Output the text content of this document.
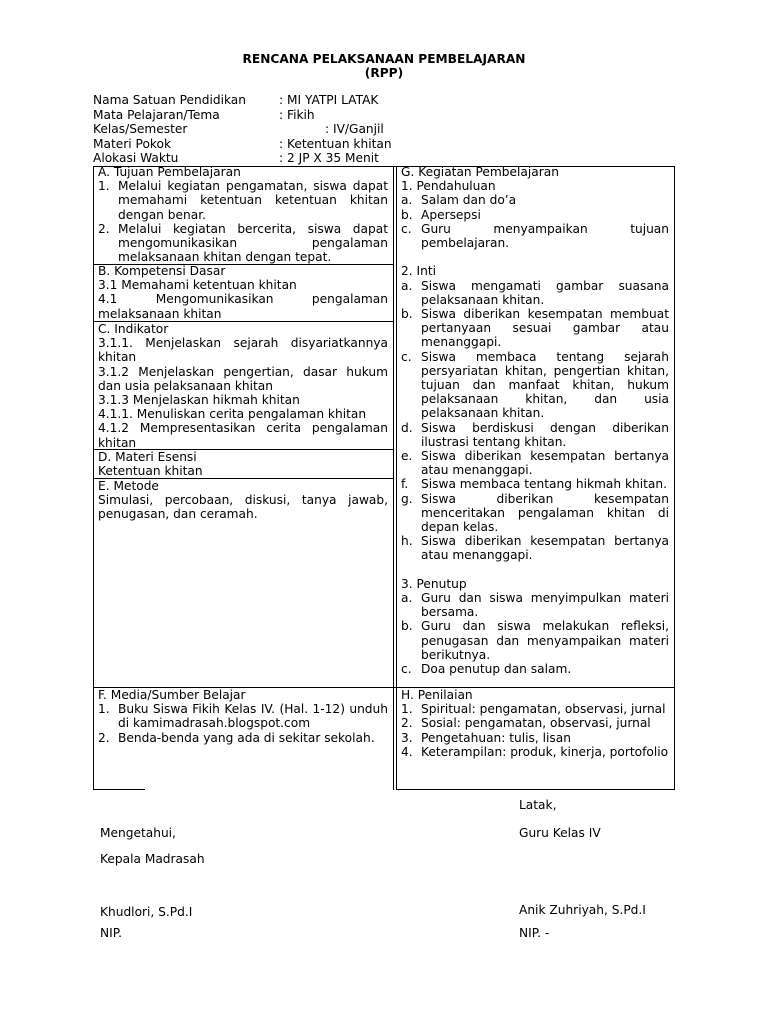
RENCANA PELAKSANAAN PEMBELAJARAN
(RPP)
Nama Satuan Pendidikan	: MI YATPI LATAK
Mata Pelajaran/Tema	: Fikih
Kelas/Semester	: IV/Ganjil
Materi Pokok	: Ketentuan khitan
Alokasi Waktu	: 2 JP X 35 Menit
A. Tujuan Pembelajaran
1. Melalui kegiatan pengamatan, siswa dapat memahami ketentuan ketentuan khitan dengan benar.
2. Melalui kegiatan bercerita, siswa dapat mengomunikasikan pengalaman melaksanaan khitan dengan tepat.
B. Kompetensi Dasar
3.1 Memahami ketentuan khitan
4.1 Mengomunikasikan pengalaman melaksanaan khitan
C. Indikator
3.1.1. Menjelaskan sejarah disyariatkannya khitan
3.1.2 Menjelaskan pengertian, dasar hukum dan usia pelaksanaan khitan
3.1.3 Menjelaskan hikmah khitan
4.1.1. Menuliskan cerita pengalaman khitan
4.1.2 Mempresentasikan cerita pengalaman khitan
D. Materi Esensi
Ketentuan khitan
E. Metode
Simulasi, percobaan, diskusi, tanya jawab, penugasan, dan ceramah.
F. Media/Sumber Belajar
1. Buku Siswa Fikih Kelas IV. (Hal. 1-12) unduh di kamimadrasah.blogspot.com
2. Benda-benda yang ada di sekitar sekolah.
G. Kegiatan Pembelajaran
1. Pendahuluan
a. Salam dan do’a
b. Apersepsi
c. Guru menyampaikan tujuan pembelajaran.
2. Inti
a. Siswa mengamati gambar suasana pelaksanaan khitan.
b. Siswa diberikan kesempatan membuat pertanyaan sesuai gambar atau menanggapi.
c. Siswa membaca tentang sejarah persyariatan khitan, pengertian khitan, tujuan dan manfaat khitan, hukum pelaksanaan khitan, dan usia pelaksanaan khitan.
d. Siswa berdiskusi dengan diberikan ilustrasi tentang khitan.
e. Siswa diberikan kesempatan bertanya atau menanggapi.
f. Siswa membaca tentang hikmah khitan.
g. Siswa diberikan kesempatan menceritakan pengalaman khitan di depan kelas.
h. Siswa diberikan kesempatan bertanya atau menanggapi.
3. Penutup
a. Guru dan siswa menyimpulkan materi bersama.
b. Guru dan siswa melakukan refleksi, penugasan dan menyampaikan materi berikutnya.
c. Doa penutup dan salam.
H. Penilaian
1. Spiritual: pengamatan, observasi, jurnal
2. Sosial: pengamatan, observasi, jurnal
3. Pengetahuan: tulis, lisan
4. Keterampilan: produk, kinerja, portofolio
Latak,
Mengetahui,	Guru Kelas IV
Kepala Madrasah
Khudlori, S.Pd.I	Anik Zuhriyah, S.Pd.I
NIP.	NIP. -
